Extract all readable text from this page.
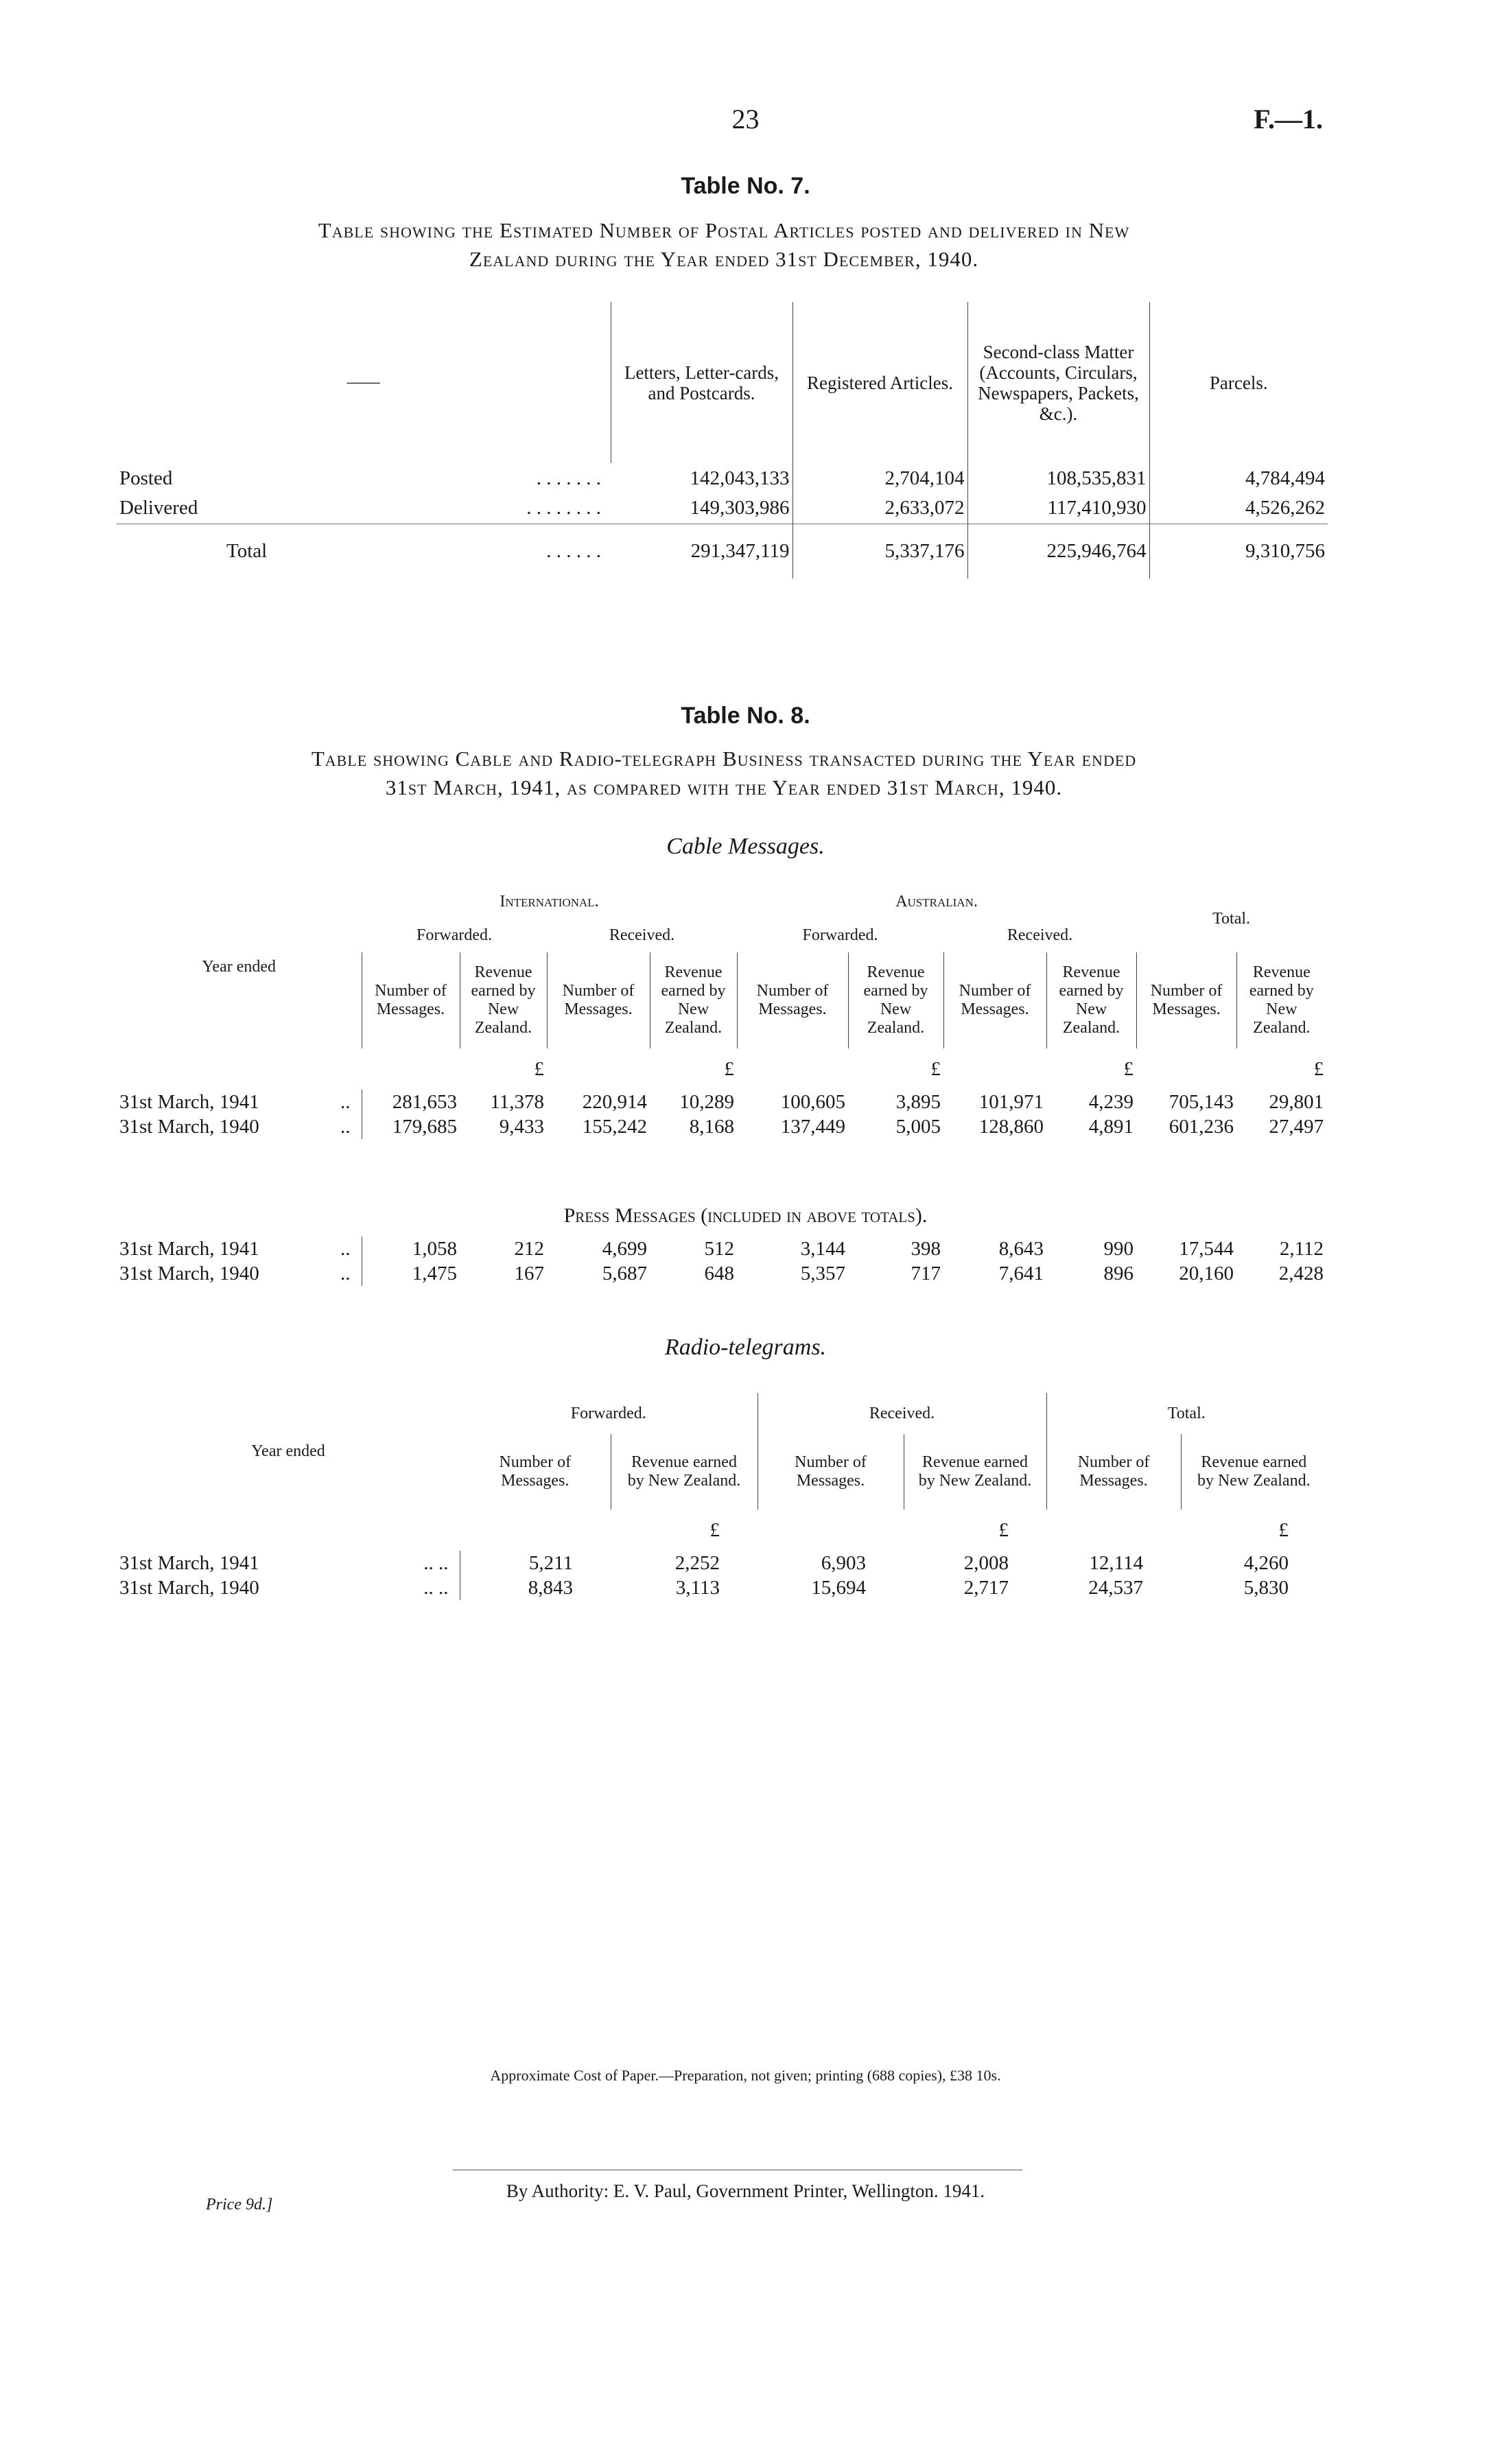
23	F.—1.
Table No. 7.
Table showing the Estimated Number of Postal Articles posted and delivered in New
Zealand during the Year ended 31st December, 1940.
——	Letters, Letter-cards, and Postcards.	Registered Articles.	Second-class Matter (Accounts, Circulars, Newspapers, Packets, &c.).	Parcels.
Posted . . . . . . .	142,043,133	2,704,104	108,535,831	4,784,494
Delivered . . . . . . . .	149,303,986	2,633,072	117,410,930	4,526,262
Total . . . . . .	291,347,119	5,337,176	225,946,764	9,310,756
Table No. 8.
Table showing Cable and Radio-telegraph Business transacted during the Year ended
31st March, 1941, as compared with the Year ended 31st March, 1940.
Cable Messages.
Year ended	International.				Australian.				Total.	
	Forwarded.		Received.		Forwarded.		Received.			
	Number of Messages.	Revenue earned by New Zealand.	Number of Messages.	Revenue earned by New Zealand.	Number of Messages.	Revenue earned by New Zealand.	Number of Messages.	Revenue earned by New Zealand.	Number of Messages.	Revenue earned by New Zealand.
		£		£		£		£		£
31st March, 1941 ..	281,653	11,378	220,914	10,289	100,605	3,895	101,971	4,239	705,143	29,801
31st March, 1940 ..	179,685	9,433	155,242	8,168	137,449	5,005	128,860	4,891	601,236	27,497
Press Messages (included in above totals).
31st March, 1941 ..	1,058	212	4,699	512	3,144	398	8,643	990	17,544	2,112
31st March, 1940 ..	1,475	167	5,687	648	5,357	717	7,641	896	20,160	2,428
Radio-telegrams.
Year ended	Forwarded.		Received.		Total.	
	Number of Messages.	Revenue earned by New Zealand.	Number of Messages.	Revenue earned by New Zealand.	Number of Messages.	Revenue earned by New Zealand.
		£		£		£
31st March, 1941 .. ..	5,211	2,252	6,903	2,008	12,114	4,260
31st March, 1940 .. ..	8,843	3,113	15,694	2,717	24,537	5,830
Approximate Cost of Paper.—Preparation, not given; printing (688 copies), £38 10s.
By Authority: E. V. Paul, Government Printer, Wellington. 1941.
Price 9d.]
